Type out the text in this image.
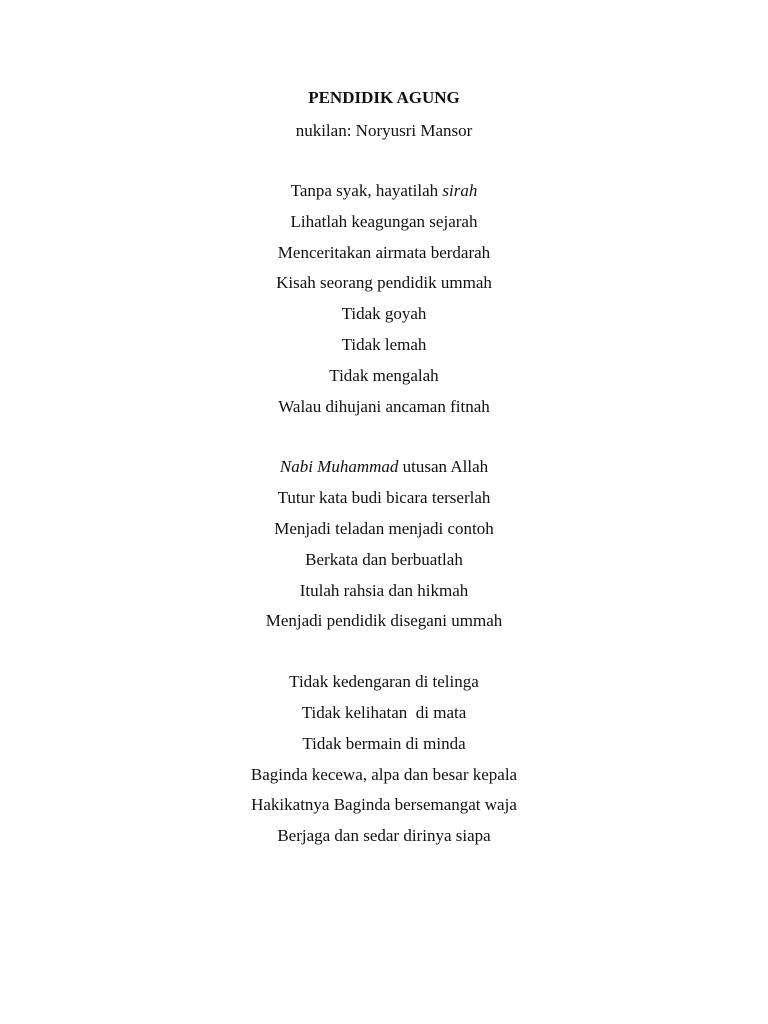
PENDIDIK AGUNG
nukilan: Noryusri Mansor
Tanpa syak, hayatilah sirah
Lihatlah keagungan sejarah
Menceritakan airmata berdarah
Kisah seorang pendidik ummah
Tidak goyah
Tidak lemah
Tidak mengalah
Walau dihujani ancaman fitnah
Nabi Muhammad utusan Allah
Tutur kata budi bicara terserlah
Menjadi teladan menjadi contoh
Berkata dan berbuatlah
Itulah rahsia dan hikmah
Menjadi pendidik disegani ummah
Tidak kedengaran di telinga
Tidak kelihatan  di mata
Tidak bermain di minda
Baginda kecewa, alpa dan besar kepala
Hakikatnya Baginda bersemangat waja
Berjaga dan sedar dirinya siapa
